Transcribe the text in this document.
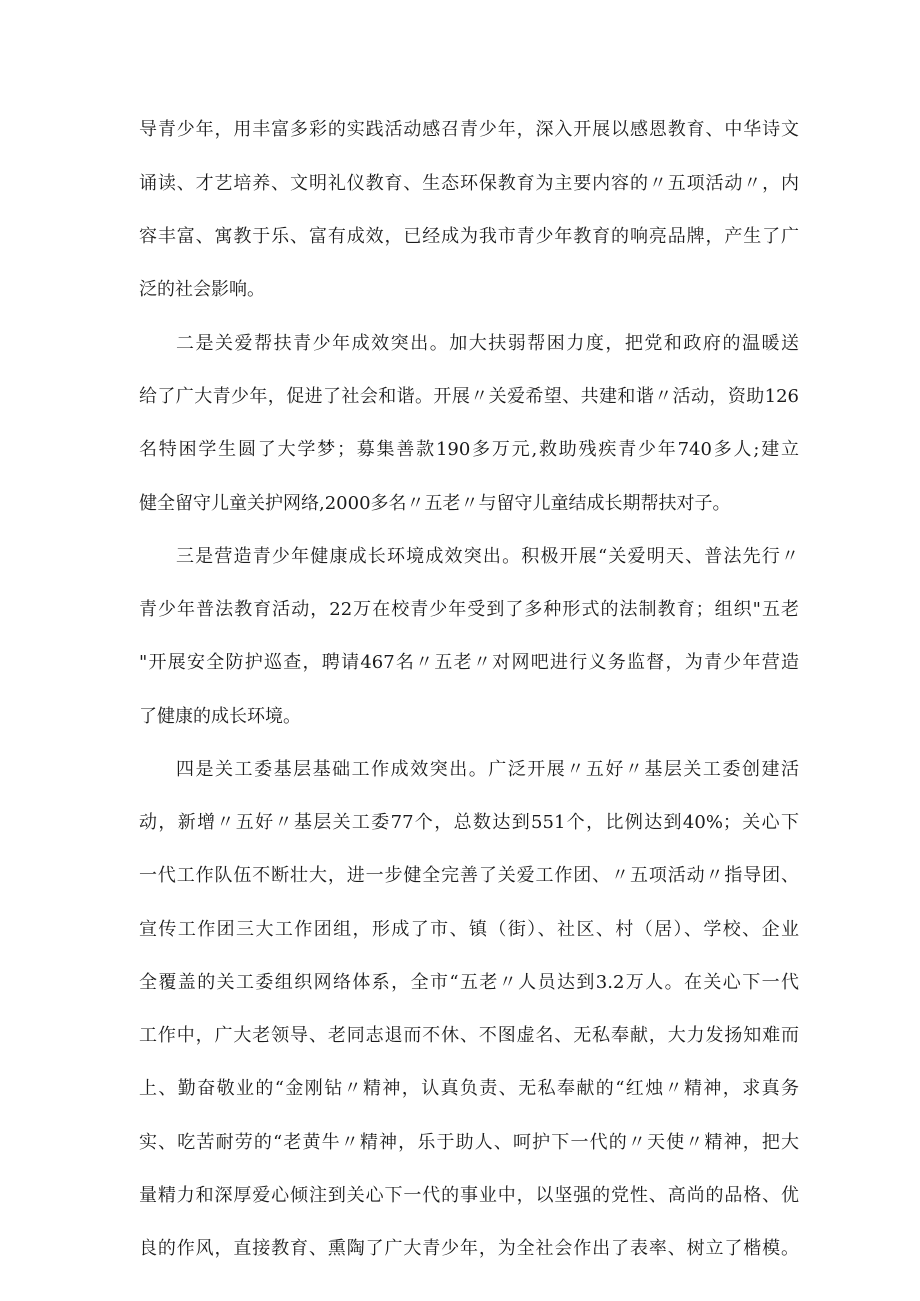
导青少年，用丰富多彩的实践活动感召青少年，深入开展以感恩教育、中华诗文
诵读、才艺培养、文明礼仪教育、生态环保教育为主要内容的〃五项活动〃，内
容丰富、寓教于乐、富有成效，已经成为我市青少年教育的响亮品牌，产生了广
泛的社会影响。
二是关爱帮扶青少年成效突出。加大扶弱帮困力度，把党和政府的温暖送
给了广大青少年，促进了社会和谐。开展〃关爱希望、共建和谐〃活动，资助126
名特困学生圆了大学梦；募集善款190多万元,救助残疾青少年740多人;建立
健全留守儿童关护网络,2000多名〃五老〃与留守儿童结成长期帮扶对子。
三是营造青少年健康成长环境成效突出。积极开展“关爱明天、普法先行〃
青少年普法教育活动，22万在校青少年受到了多种形式的法制教育；组织"五老
"开展安全防护巡查，聘请467名〃五老〃对网吧进行义务监督，为青少年营造
了健康的成长环境。
四是关工委基层基础工作成效突出。广泛开展〃五好〃基层关工委创建活
动，新增〃五好〃基层关工委77个，总数达到551个，比例达到40%；关心下
一代工作队伍不断壮大，进一步健全完善了关爱工作团、〃五项活动〃指导团、
宣传工作团三大工作团组，形成了市、镇（街）、社区、村（居）、学校、企业
全覆盖的关工委组织网络体系，全市“五老〃人员达到3.2万人。在关心下一代
工作中，广大老领导、老同志退而不休、不图虚名、无私奉献，大力发扬知难而
上、勤奋敬业的“金刚钻〃精神，认真负责、无私奉献的“红烛〃精神，求真务
实、吃苦耐劳的“老黄牛〃精神，乐于助人、呵护下一代的〃天使〃精神，把大
量精力和深厚爱心倾注到关心下一代的事业中，以坚强的党性、高尚的品格、优
良的作风，直接教育、熏陶了广大青少年，为全社会作出了表率、树立了楷模。
